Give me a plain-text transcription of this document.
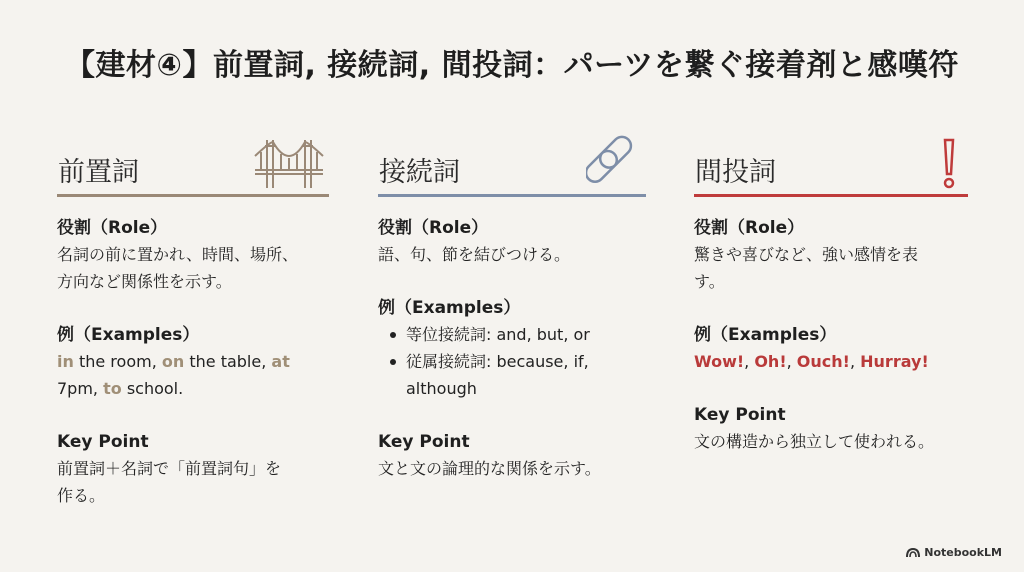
【建材④】前置詞, 接続詞, 間投詞：パーツを繋ぐ接着剤と感嘆符
前置詞

役割（Role）

名詞の前に置かれ、時間、場所、

方向など関係性を示す。

例（Examples）

in the room, on the table, at

7pm, to school.

Key Point

前置詞＋名詞で「前置詞句」を

作る。

接続詞

役割（Role）

語、句、節を結びつける。

例（Examples）

等位接続詞: and, but, or
従属接続詞: because, if,
although

Key Point

文と文の論理的な関係を示す。

間投詞

役割（Role）

驚きや喜びなど、強い感情を表

す。

例（Examples）

Wow!, Oh!, Ouch!, Hurray!

Key Point

文の構造から独立して使われる。

NotebookLM
